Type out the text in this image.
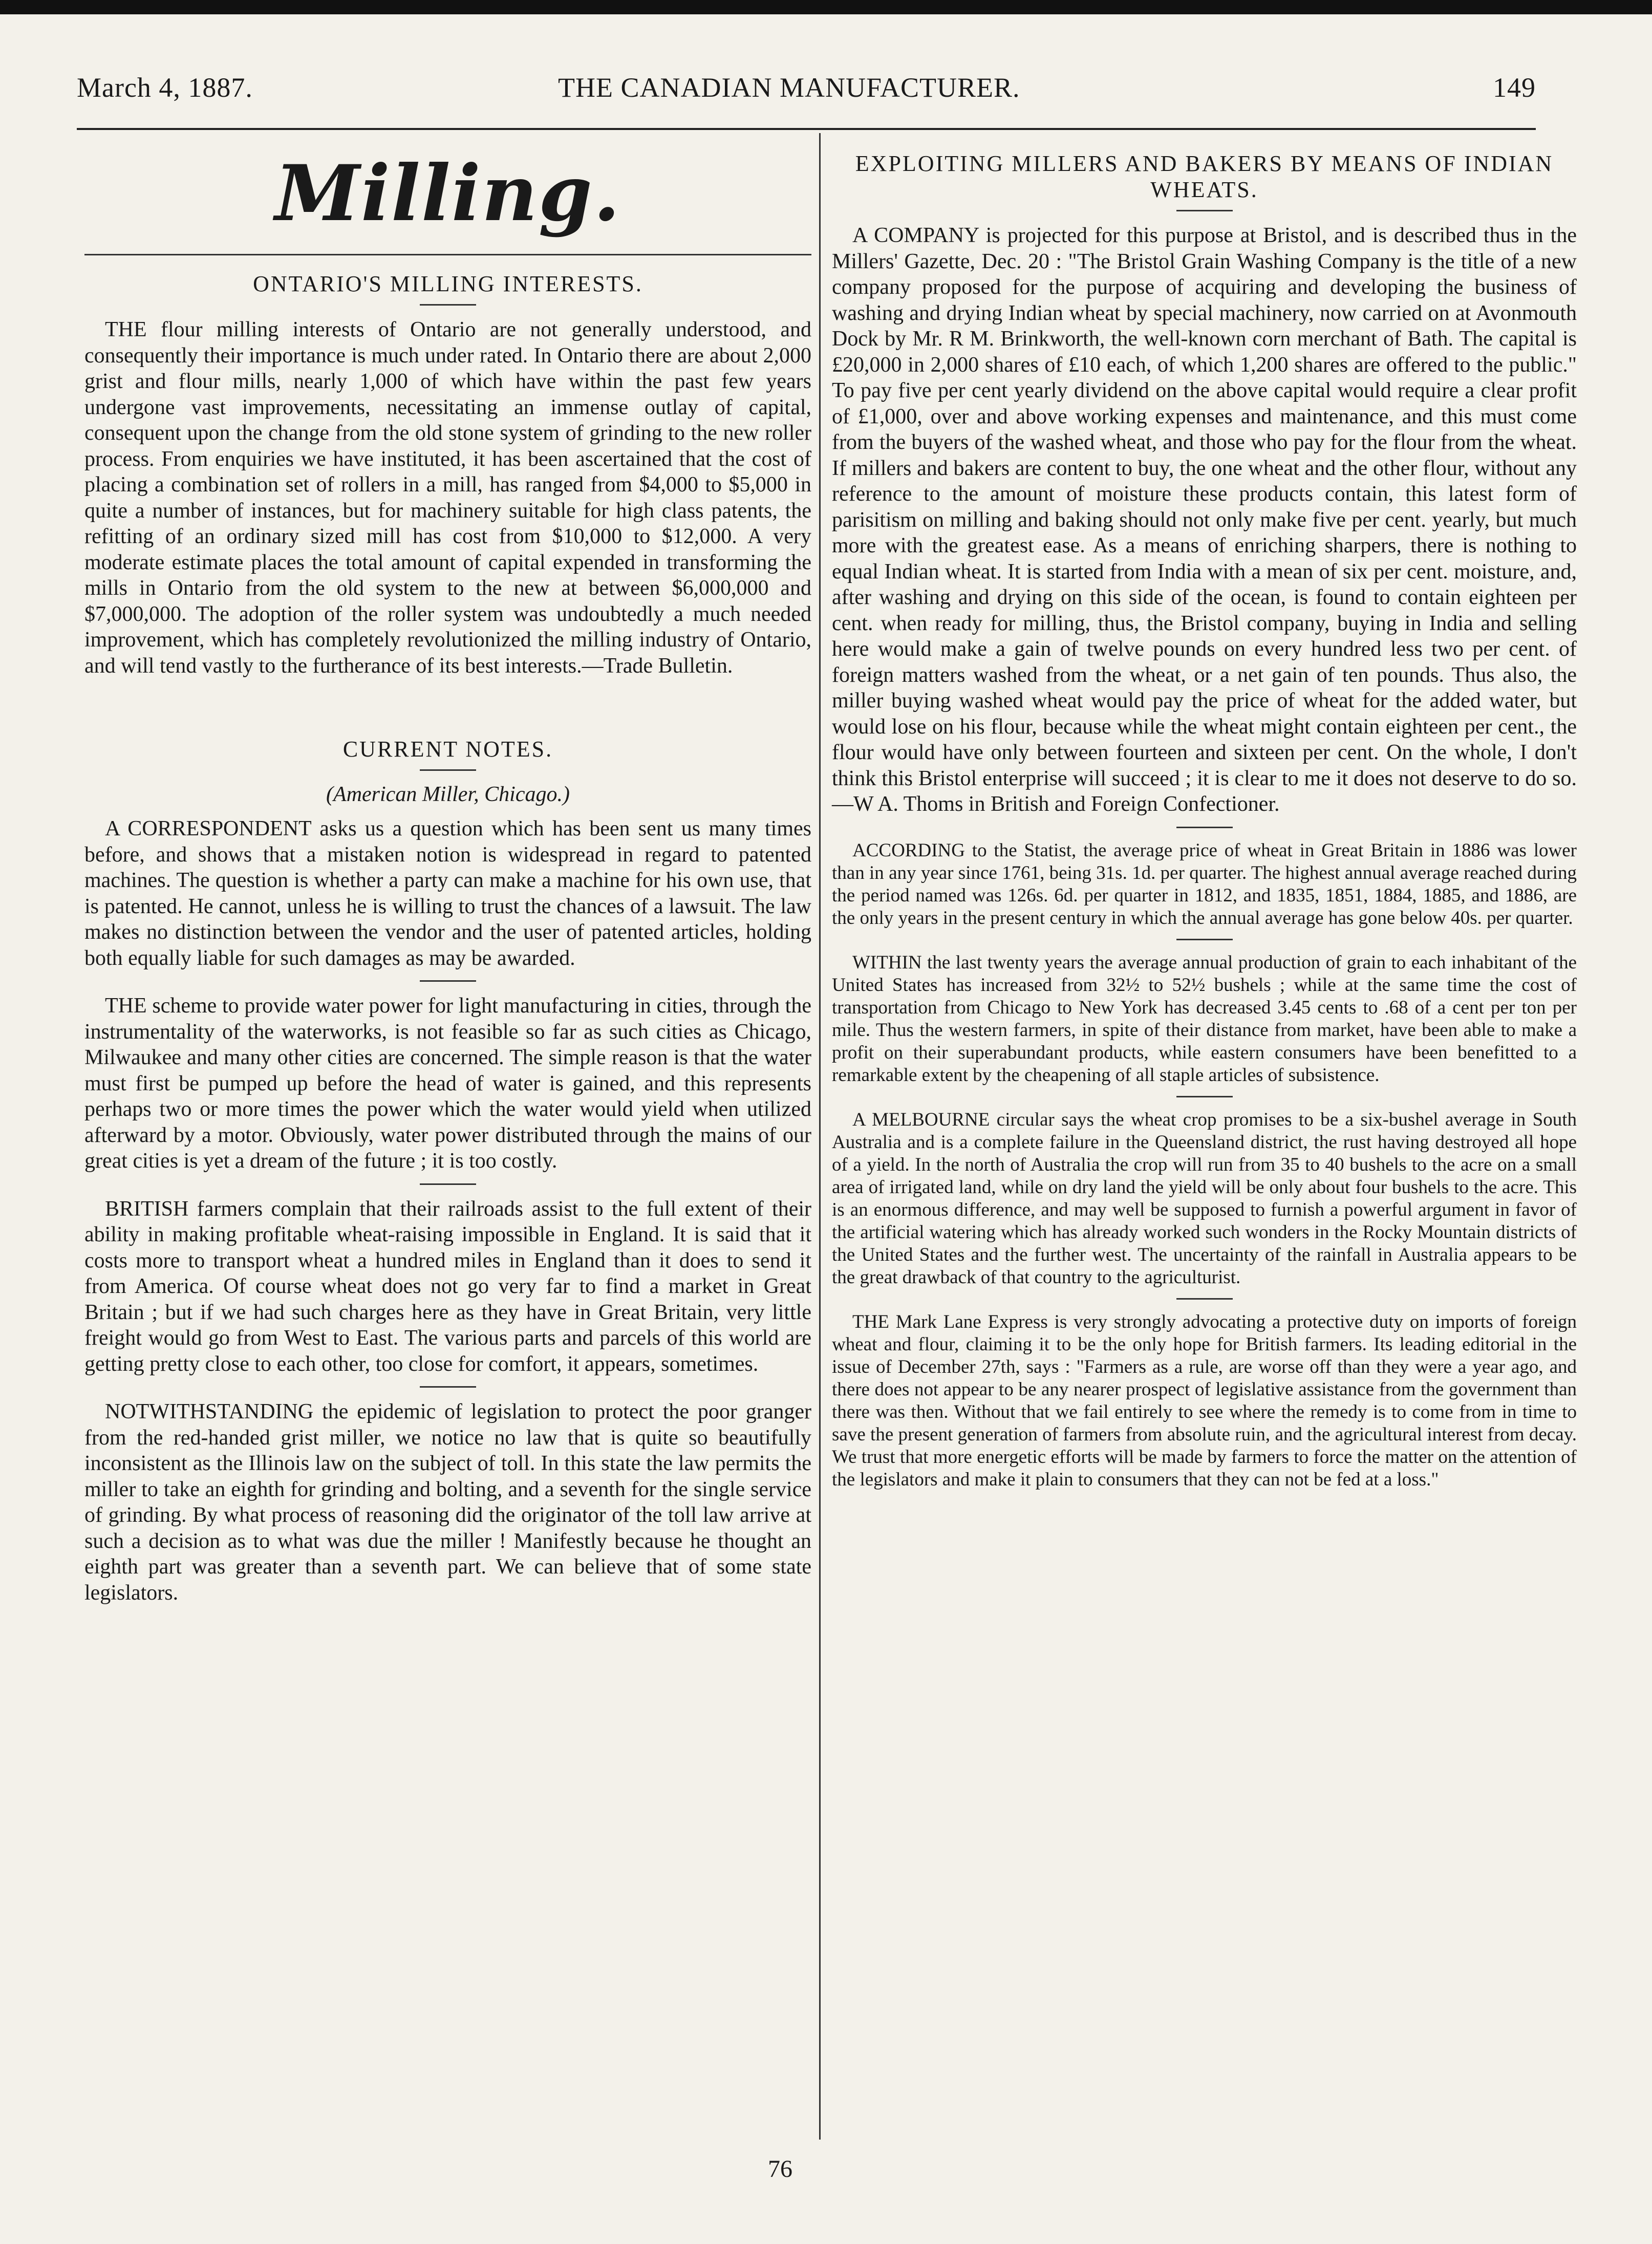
March 4, 1887.	THE CANADIAN MANUFACTURER.	149
Milling.
ONTARIO'S MILLING INTERESTS.

THE flour milling interests of Ontario are not generally understood, and consequently their importance is much under rated. In Ontario there are about 2,000 grist and flour mills, nearly 1,000 of which have within the past few years undergone vast improvements, necessitating an immense outlay of capital, consequent upon the change from the old stone system of grinding to the new roller process. From enquiries we have instituted, it has been ascertained that the cost of placing a combination set of rollers in a mill, has ranged from $4,000 to $5,000 in quite a number of instances, but for machinery suitable for high class patents, the refitting of an ordinary sized mill has cost from $10,000 to $12,000. A very moderate estimate places the total amount of capital expended in transforming the mills in Ontario from the old system to the new at between $6,000,000 and $7,000,000. The adoption of the roller system was undoubtedly a much needed improvement, which has completely revolutionized the milling industry of Ontario, and will tend vastly to the furtherance of its best interests.—Trade Bulletin.

CURRENT NOTES.
(American Miller, Chicago.)

A CORRESPONDENT asks us a question which has been sent us many times before, and shows that a mistaken notion is widespread in regard to patented machines. The question is whether a party can make a machine for his own use, that is patented. He cannot, unless he is willing to trust the chances of a lawsuit. The law makes no distinction between the vendor and the user of patented articles, holding both equally liable for such damages as may be awarded.

THE scheme to provide water power for light manufacturing in cities, through the instrumentality of the waterworks, is not feasible so far as such cities as Chicago, Milwaukee and many other cities are concerned. The simple reason is that the water must first be pumped up before the head of water is gained, and this represents perhaps two or more times the power which the water would yield when utilized afterward by a motor. Obviously, water power distributed through the mains of our great cities is yet a dream of the future ; it is too costly.

BRITISH farmers complain that their railroads assist to the full extent of their ability in making profitable wheat-raising impossible in England. It is said that it costs more to transport wheat a hundred miles in England than it does to send it from America. Of course wheat does not go very far to find a market in Great Britain ; but if we had such charges here as they have in Great Britain, very little freight would go from West to East. The various parts and parcels of this world are getting pretty close to each other, too close for comfort, it appears, sometimes.

NOTWITHSTANDING the epidemic of legislation to protect the poor granger from the red-handed grist miller, we notice no law that is quite so beautifully inconsistent as the Illinois law on the subject of toll. In this state the law permits the miller to take an eighth for grinding and bolting, and a seventh for the single service of grinding. By what process of reasoning did the originator of the toll law arrive at such a decision as to what was due the miller ! Manifestly because he thought an eighth part was greater than a seventh part. We can believe that of some state legislators.

EXPLOITING MILLERS AND BAKERS BY MEANS OF INDIAN WHEATS.

A COMPANY is projected for this purpose at Bristol, and is described thus in the Millers' Gazette, Dec. 20 : "The Bristol Grain Washing Company is the title of a new company proposed for the purpose of acquiring and developing the business of washing and drying Indian wheat by special machinery, now carried on at Avonmouth Dock by Mr. R M. Brinkworth, the well-known corn merchant of Bath. The capital is £20,000 in 2,000 shares of £10 each, of which 1,200 shares are offered to the public." To pay five per cent yearly dividend on the above capital would require a clear profit of £1,000, over and above working expenses and maintenance, and this must come from the buyers of the washed wheat, and those who pay for the flour from the wheat. If millers and bakers are content to buy, the one wheat and the other flour, without any reference to the amount of moisture these products contain, this latest form of parisitism on milling and baking should not only make five per cent. yearly, but much more with the greatest ease. As a means of enriching sharpers, there is nothing to equal Indian wheat. It is started from India with a mean of six per cent. moisture, and, after washing and drying on this side of the ocean, is found to contain eighteen per cent. when ready for milling, thus, the Bristol company, buying in India and selling here would make a gain of twelve pounds on every hundred less two per cent. of foreign matters washed from the wheat, or a net gain of ten pounds. Thus also, the miller buying washed wheat would pay the price of wheat for the added water, but would lose on his flour, because while the wheat might contain eighteen per cent., the flour would have only between fourteen and sixteen per cent. On the whole, I don't think this Bristol enterprise will succeed ; it is clear to me it does not deserve to do so.—W A. Thoms in British and Foreign Confectioner.

ACCORDING to the Statist, the average price of wheat in Great Britain in 1886 was lower than in any year since 1761, being 31s. 1d. per quarter. The highest annual average reached during the period named was 126s. 6d. per quarter in 1812, and 1835, 1851, 1884, 1885, and 1886, are the only years in the present century in which the annual average has gone below 40s. per quarter.

WITHIN the last twenty years the average annual production of grain to each inhabitant of the United States has increased from 32½ to 52½ bushels ; while at the same time the cost of transportation from Chicago to New York has decreased 3.45 cents to .68 of a cent per ton per mile. Thus the western farmers, in spite of their distance from market, have been able to make a profit on their superabundant products, while eastern consumers have been benefitted to a remarkable extent by the cheapening of all staple articles of subsistence.

A MELBOURNE circular says the wheat crop promises to be a six-bushel average in South Australia and is a complete failure in the Queensland district, the rust having destroyed all hope of a yield. In the north of Australia the crop will run from 35 to 40 bushels to the acre on a small area of irrigated land, while on dry land the yield will be only about four bushels to the acre. This is an enormous difference, and may well be supposed to furnish a powerful argument in favor of the artificial watering which has already worked such wonders in the Rocky Mountain districts of the United States and the further west. The uncertainty of the rainfall in Australia appears to be the great drawback of that country to the agriculturist.

THE Mark Lane Express is very strongly advocating a protective duty on imports of foreign wheat and flour, claiming it to be the only hope for British farmers. Its leading editorial in the issue of December 27th, says : "Farmers as a rule, are worse off than they were a year ago, and there does not appear to be any nearer prospect of legislative assistance from the government than there was then. Without that we fail entirely to see where the remedy is to come from in time to save the present generation of farmers from absolute ruin, and the agricultural interest from decay. We trust that more energetic efforts will be made by farmers to force the matter on the attention of the legislators and make it plain to consumers that they can not be fed at a loss."

76
